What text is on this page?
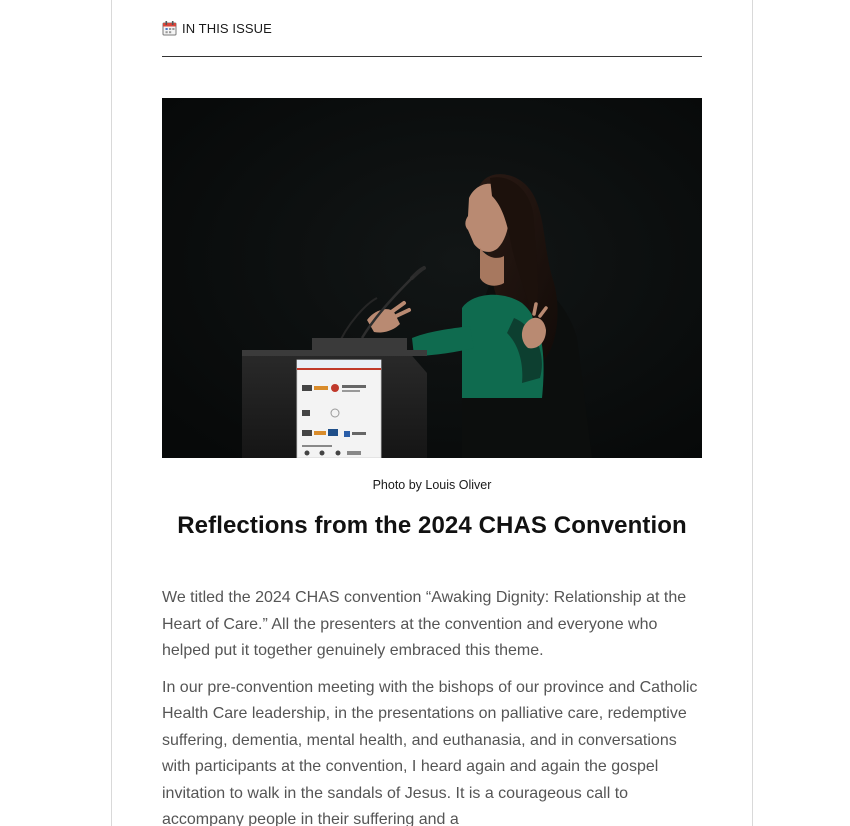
IN THIS ISSUE
Photo by Louis Oliver
Reflections from the 2024 CHAS Convention

We titled the 2024 CHAS convention “Awaking Dignity: Relationship at the Heart of Care.” All the presenters at the convention and everyone who helped put it together genuinely embraced this theme.

In our pre-convention meeting with the bishops of our province and Catholic Health Care leadership, in the presentations on palliative care, redemptive suffering, dementia, mental health, and euthanasia, and in conversations with participants at the convention, I heard again and again the gospel invitation to walk in the sandals of Jesus. It is a courageous call to accompany people in their suffering and a
